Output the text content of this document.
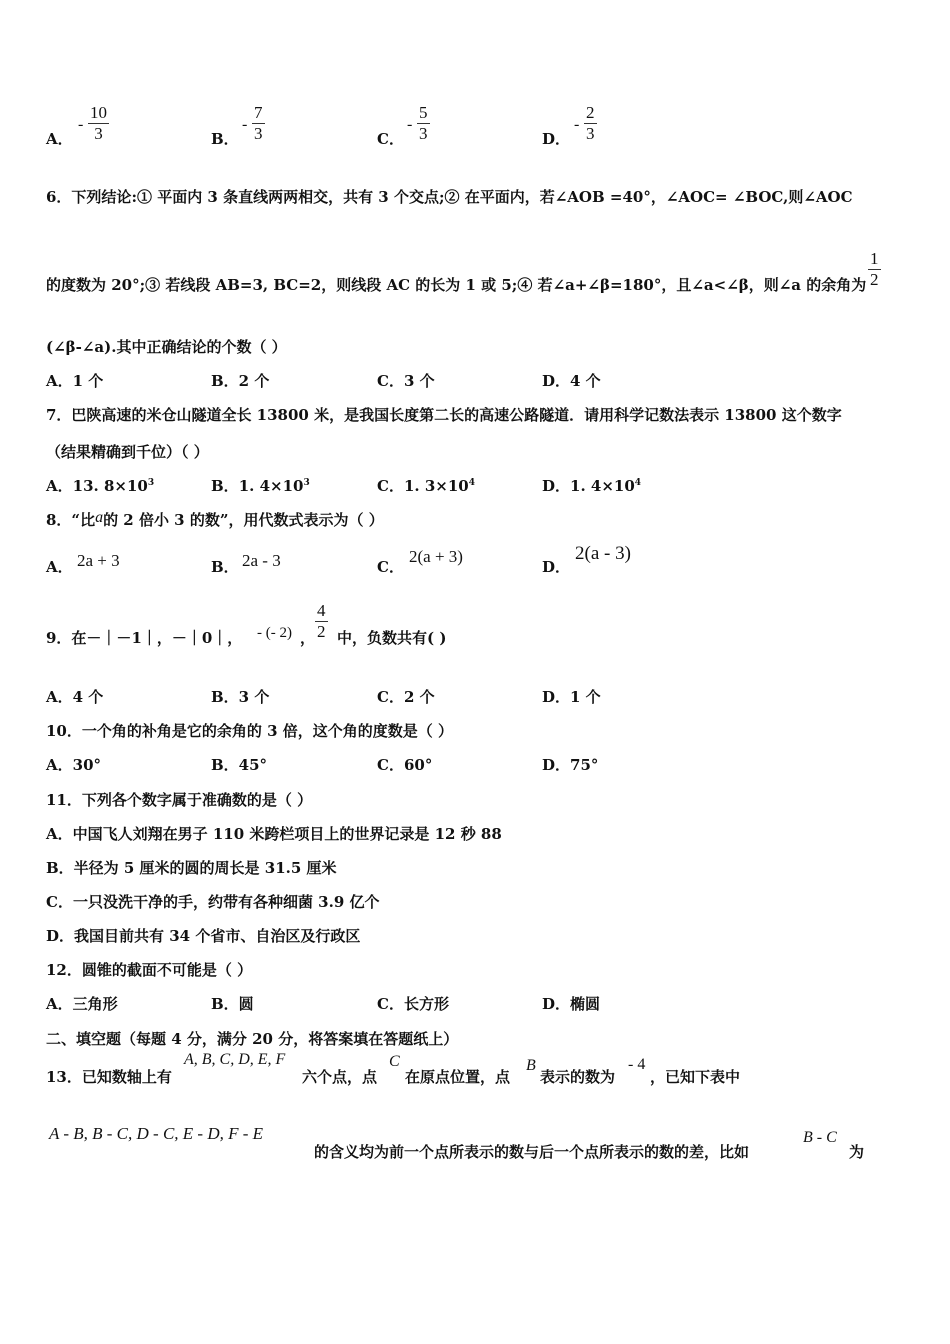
A．
- $\frac{10}{3}$	B．
- $\frac{7}{3}$	C．
- $\frac{5}{3}$	D．
- $\frac{2}{3}$
6．下列结论:① 平面内 3 条直线两两相交，共有 3 个交点;② 在平面内，若∠AOB =40°，∠AOC= ∠BOC,则∠AOC
的度数为 20°;③ 若线段 AB=3, BC=2，则线段 AC 的长为 1 或 5;④ 若∠a+∠β=180°，且∠a<∠β，则∠a 的余角为 $\frac{1}{2}$
(∠β-∠a).其中正确结论的个数（ ）
A．1 个	B．2 个	C．3 个	D．4 个
7．巴陕高速的米仓山隧道全长 13800 米，是我国长度第二长的高速公路隧道．请用科学记数法表示 13800 这个数字
（结果精确到千位）（ ）
A．13. $8\times 10^3$	B．1. $4\times 10^3$	C．1. $3\times 10^4$	D．1. $4\times 10^4$
8．“比a的 2 倍小 3 的数”，用代数式表示为（ ）
A． 2a + 3	B． 2a - 3	C．
2(a + 3)
D．
2(a - 3)
9．在－｜－1｜，－｜0｜， - (- 2) ， $\frac{4}{2}$ 中，负数共有( )
A．4 个	B．3 个	C．2 个	D．1 个
10．一个角的补角是它的余角的 3 倍，这个角的度数是（ ）
A．30°	B．45°	C．60°	D．75°
11．下列各个数字属于准确数的是（ ）
A．中国飞人刘翔在男子 110 米跨栏项目上的世界记录是 12 秒 88
B．半径为 5 厘米的圆的周长是 31.5 厘米
C．一只没洗干净的手，约带有各种细菌 3.9 亿个
D．我国目前共有 34 个省市、自治区及行政区
12．圆锥的截面不可能是（ ）
A．三角形	B．圆	C．长方形	D．椭圆
二、填空题（每题 4 分，满分 20 分，将答案填在答题纸上）
13．已知数轴上有
A, B, C, D, E, F
六个点，点
C
在原点位置，点
B
表示的数为
- 4
，已知下表中
A - B, B - C, D - C, E - D, F - E
的含义均为前一个点所表示的数与后一个点所表示的数的差，比如
B - C
为
